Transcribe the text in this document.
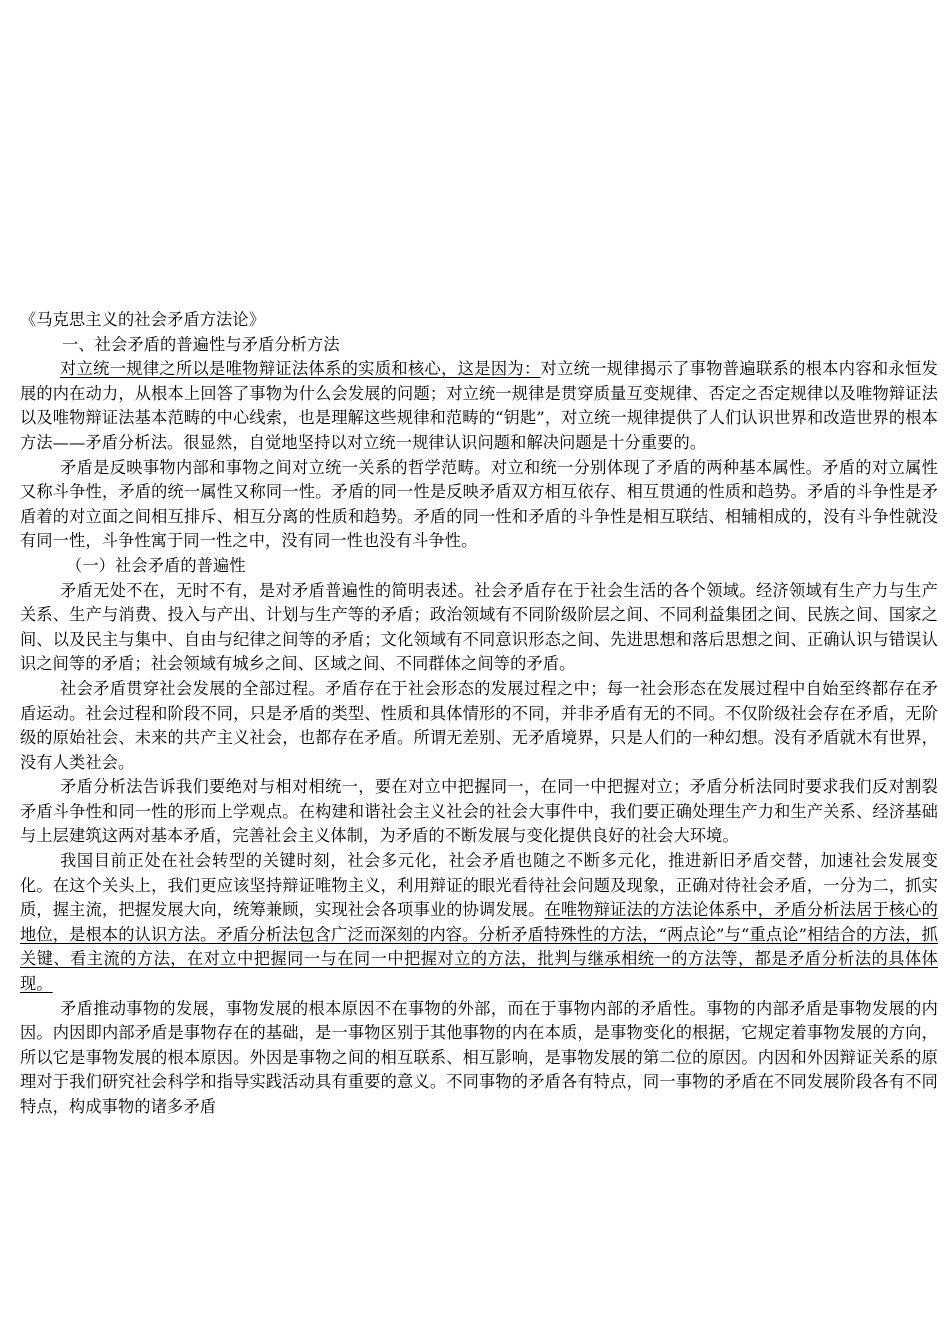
《马克思主义的社会矛盾方法论》

一、社会矛盾的普遍性与矛盾分析方法

对立统一规律之所以是唯物辩证法体系的实质和核心，这是因为：对立统一规律揭示了事物普遍联系的根本内容和永恒发展的内在动力，从根本上回答了事物为什么会发展的问题；对立统一规律是贯穿质量互变规律、否定之否定规律以及唯物辩证法以及唯物辩证法基本范畴的中心线索，也是理解这些规律和范畴的“钥匙”，对立统一规律提供了人们认识世界和改造世界的根本方法——矛盾分析法。很显然，自觉地坚持以对立统一规律认识问题和解决问题是十分重要的。

矛盾是反映事物内部和事物之间对立统一关系的哲学范畴。对立和统一分别体现了矛盾的两种基本属性。矛盾的对立属性又称斗争性，矛盾的统一属性又称同一性。矛盾的同一性是反映矛盾双方相互依存、相互贯通的性质和趋势。矛盾的斗争性是矛盾着的对立面之间相互排斥、相互分离的性质和趋势。矛盾的同一性和矛盾的斗争性是相互联结、相辅相成的，没有斗争性就没有同一性，斗争性寓于同一性之中，没有同一性也没有斗争性。

（一）社会矛盾的普遍性

矛盾无处不在，无时不有，是对矛盾普遍性的简明表述。社会矛盾存在于社会生活的各个领域。经济领域有生产力与生产关系、生产与消费、投入与产出、计划与生产等的矛盾；政治领域有不同阶级阶层之间、不同利益集团之间、民族之间、国家之间、以及民主与集中、自由与纪律之间等的矛盾；文化领域有不同意识形态之间、先进思想和落后思想之间、正确认识与错误认识之间等的矛盾；社会领域有城乡之间、区域之间、不同群体之间等的矛盾。

社会矛盾贯穿社会发展的全部过程。矛盾存在于社会形态的发展过程之中；每一社会形态在发展过程中自始至终都存在矛盾运动。社会过程和阶段不同，只是矛盾的类型、性质和具体情形的不同，并非矛盾有无的不同。不仅阶级社会存在矛盾，无阶级的原始社会、未来的共产主义社会，也都存在矛盾。所谓无差别、无矛盾境界，只是人们的一种幻想。没有矛盾就木有世界，没有人类社会。

矛盾分析法告诉我们要绝对与相对相统一，要在对立中把握同一，在同一中把握对立；矛盾分析法同时要求我们反对割裂矛盾斗争性和同一性的形而上学观点。在构建和谐社会主义社会的社会大事件中，我们要正确处理生产力和生产关系、经济基础与上层建筑这两对基本矛盾，完善社会主义体制，为矛盾的不断发展与变化提供良好的社会大环境。

我国目前正处在社会转型的关键时刻，社会多元化，社会矛盾也随之不断多元化，推进新旧矛盾交替，加速社会发展变化。在这个关头上，我们更应该坚持辩证唯物主义，利用辩证的眼光看待社会问题及现象，正确对待社会矛盾，一分为二，抓实质，握主流，把握发展大向，统筹兼顾，实现社会各项事业的协调发展。在唯物辩证法的方法论体系中，矛盾分析法居于核心的地位，是根本的认识方法。矛盾分析法包含广泛而深刻的内容。分析矛盾特殊性的方法，“两点论”与“重点论”相结合的方法，抓关键、看主流的方法，在对立中把握同一与在同一中把握对立的方法，批判与继承相统一的方法等，都是矛盾分析法的具体体现。

矛盾推动事物的发展，事物发展的根本原因不在事物的外部，而在于事物内部的矛盾性。事物的内部矛盾是事物发展的内因。内因即内部矛盾是事物存在的基础，是一事物区别于其他事物的内在本质，是事物变化的根据，它规定着事物发展的方向，所以它是事物发展的根本原因。外因是事物之间的相互联系、相互影响，是事物发展的第二位的原因。内因和外因辩证关系的原理对于我们研究社会科学和指导实践活动具有重要的意义。不同事物的矛盾各有特点，同一事物的矛盾在不同发展阶段各有不同特点，构成事物的诸多矛盾
